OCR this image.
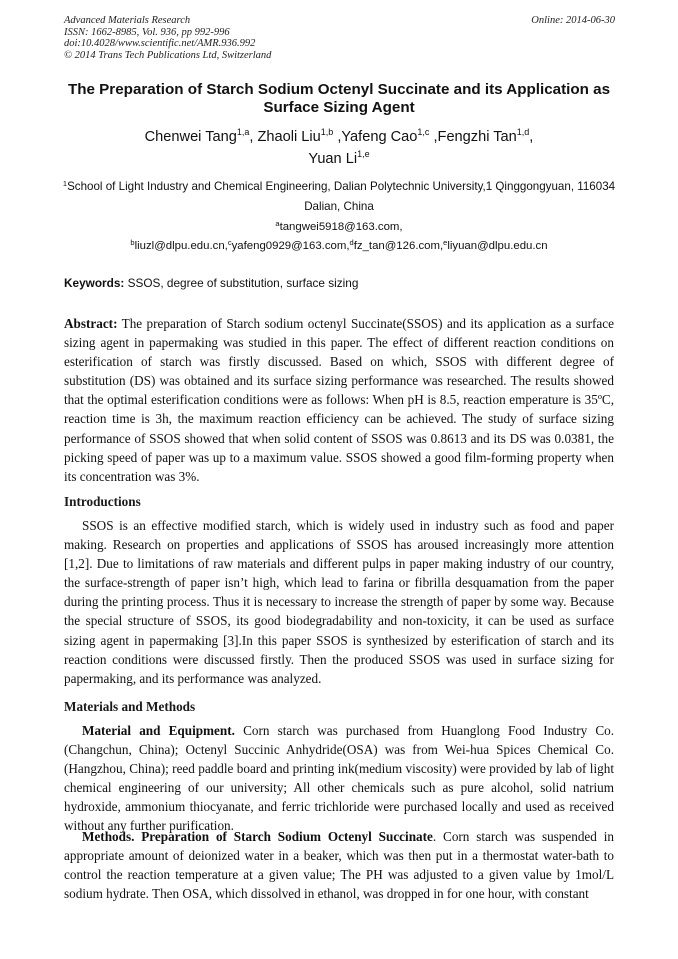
Advanced Materials Research
ISSN: 1662-8985, Vol. 936, pp 992-996
doi:10.4028/www.scientific.net/AMR.936.992
© 2014 Trans Tech Publications Ltd, Switzerland
Online: 2014-06-30
The Preparation of Starch Sodium Octenyl Succinate and its Application as Surface Sizing Agent
Chenwei Tang$^{1,a}$, Zhaoli Liu$^{1,b}$ ,Yafeng Cao$^{1,c}$ ,Fengzhi Tan$^{1,d}$,
Yuan Li$^{1,e}$
$^1$School of Light Industry and Chemical Engineering, Dalian Polytechnic University,1 Qinggongyuan, 116034 Dalian, China
$^a$tangwei5918@163.com,
$^b$liuzl@dlpu.edu.cn,$^c$yafeng0929@163.com,$^d$fz_tan@126.com,$^e$liyuan@dlpu.edu.cn
Keywords: SSOS, degree of substitution, surface sizing
Abstract: The preparation of Starch sodium octenyl Succinate(SSOS) and its application as a surface sizing agent in papermaking was studied in this paper. The effect of different reaction conditions on esterification of starch was firstly discussed. Based on which, SSOS with different degree of substitution (DS) was obtained and its surface sizing performance was researched. The results showed that the optimal esterification conditions were as follows: When pH is 8.5, reaction emperature is 35ºC, reaction time is 3h, the maximum reaction efficiency can be achieved. The study of surface sizing performance of SSOS showed that when solid content of SSOS was 0.8613 and its DS was 0.0381, the picking speed of paper was up to a maximum value. SSOS showed a good film-forming property when its concentration was 3%.
Introductions
SSOS is an effective modified starch, which is widely used in industry such as food and paper making. Research on properties and applications of SSOS has aroused increasingly more attention [1,2]. Due to limitations of raw materials and different pulps in paper making industry of our country, the surface-strength of paper isn’t high, which lead to farina or fibrilla desquamation from the paper during the printing process. Thus it is necessary to increase the strength of paper by some way. Because the special structure of SSOS, its good biodegradability and non-toxicity, it can be used as surface sizing agent in papermaking [3].In this paper SSOS is synthesized by esterification of starch and its reaction conditions were discussed firstly. Then the produced SSOS was used in surface sizing for papermaking, and its performance was analyzed.
Materials and Methods
Material and Equipment. Corn starch was purchased from Huanglong Food Industry Co. (Changchun, China); Octenyl Succinic Anhydride(OSA) was from Wei-hua Spices Chemical Co. (Hangzhou, China); reed paddle board and printing ink(medium viscosity) were provided by lab of light chemical engineering of our university; All other chemicals such as pure alcohol, solid natrium hydroxide, ammonium thiocyanate, and ferric trichloride were purchased locally and used as received without any further purification.
Methods. Preparation of Starch Sodium Octenyl Succinate. Corn starch was suspended in appropriate amount of deionized water in a beaker, which was then put in a thermostat water-bath to control the reaction temperature at a given value; The PH was adjusted to a given value by 1mol/L sodium hydrate. Then OSA, which dissolved in ethanol, was dropped in for one hour, with constant
